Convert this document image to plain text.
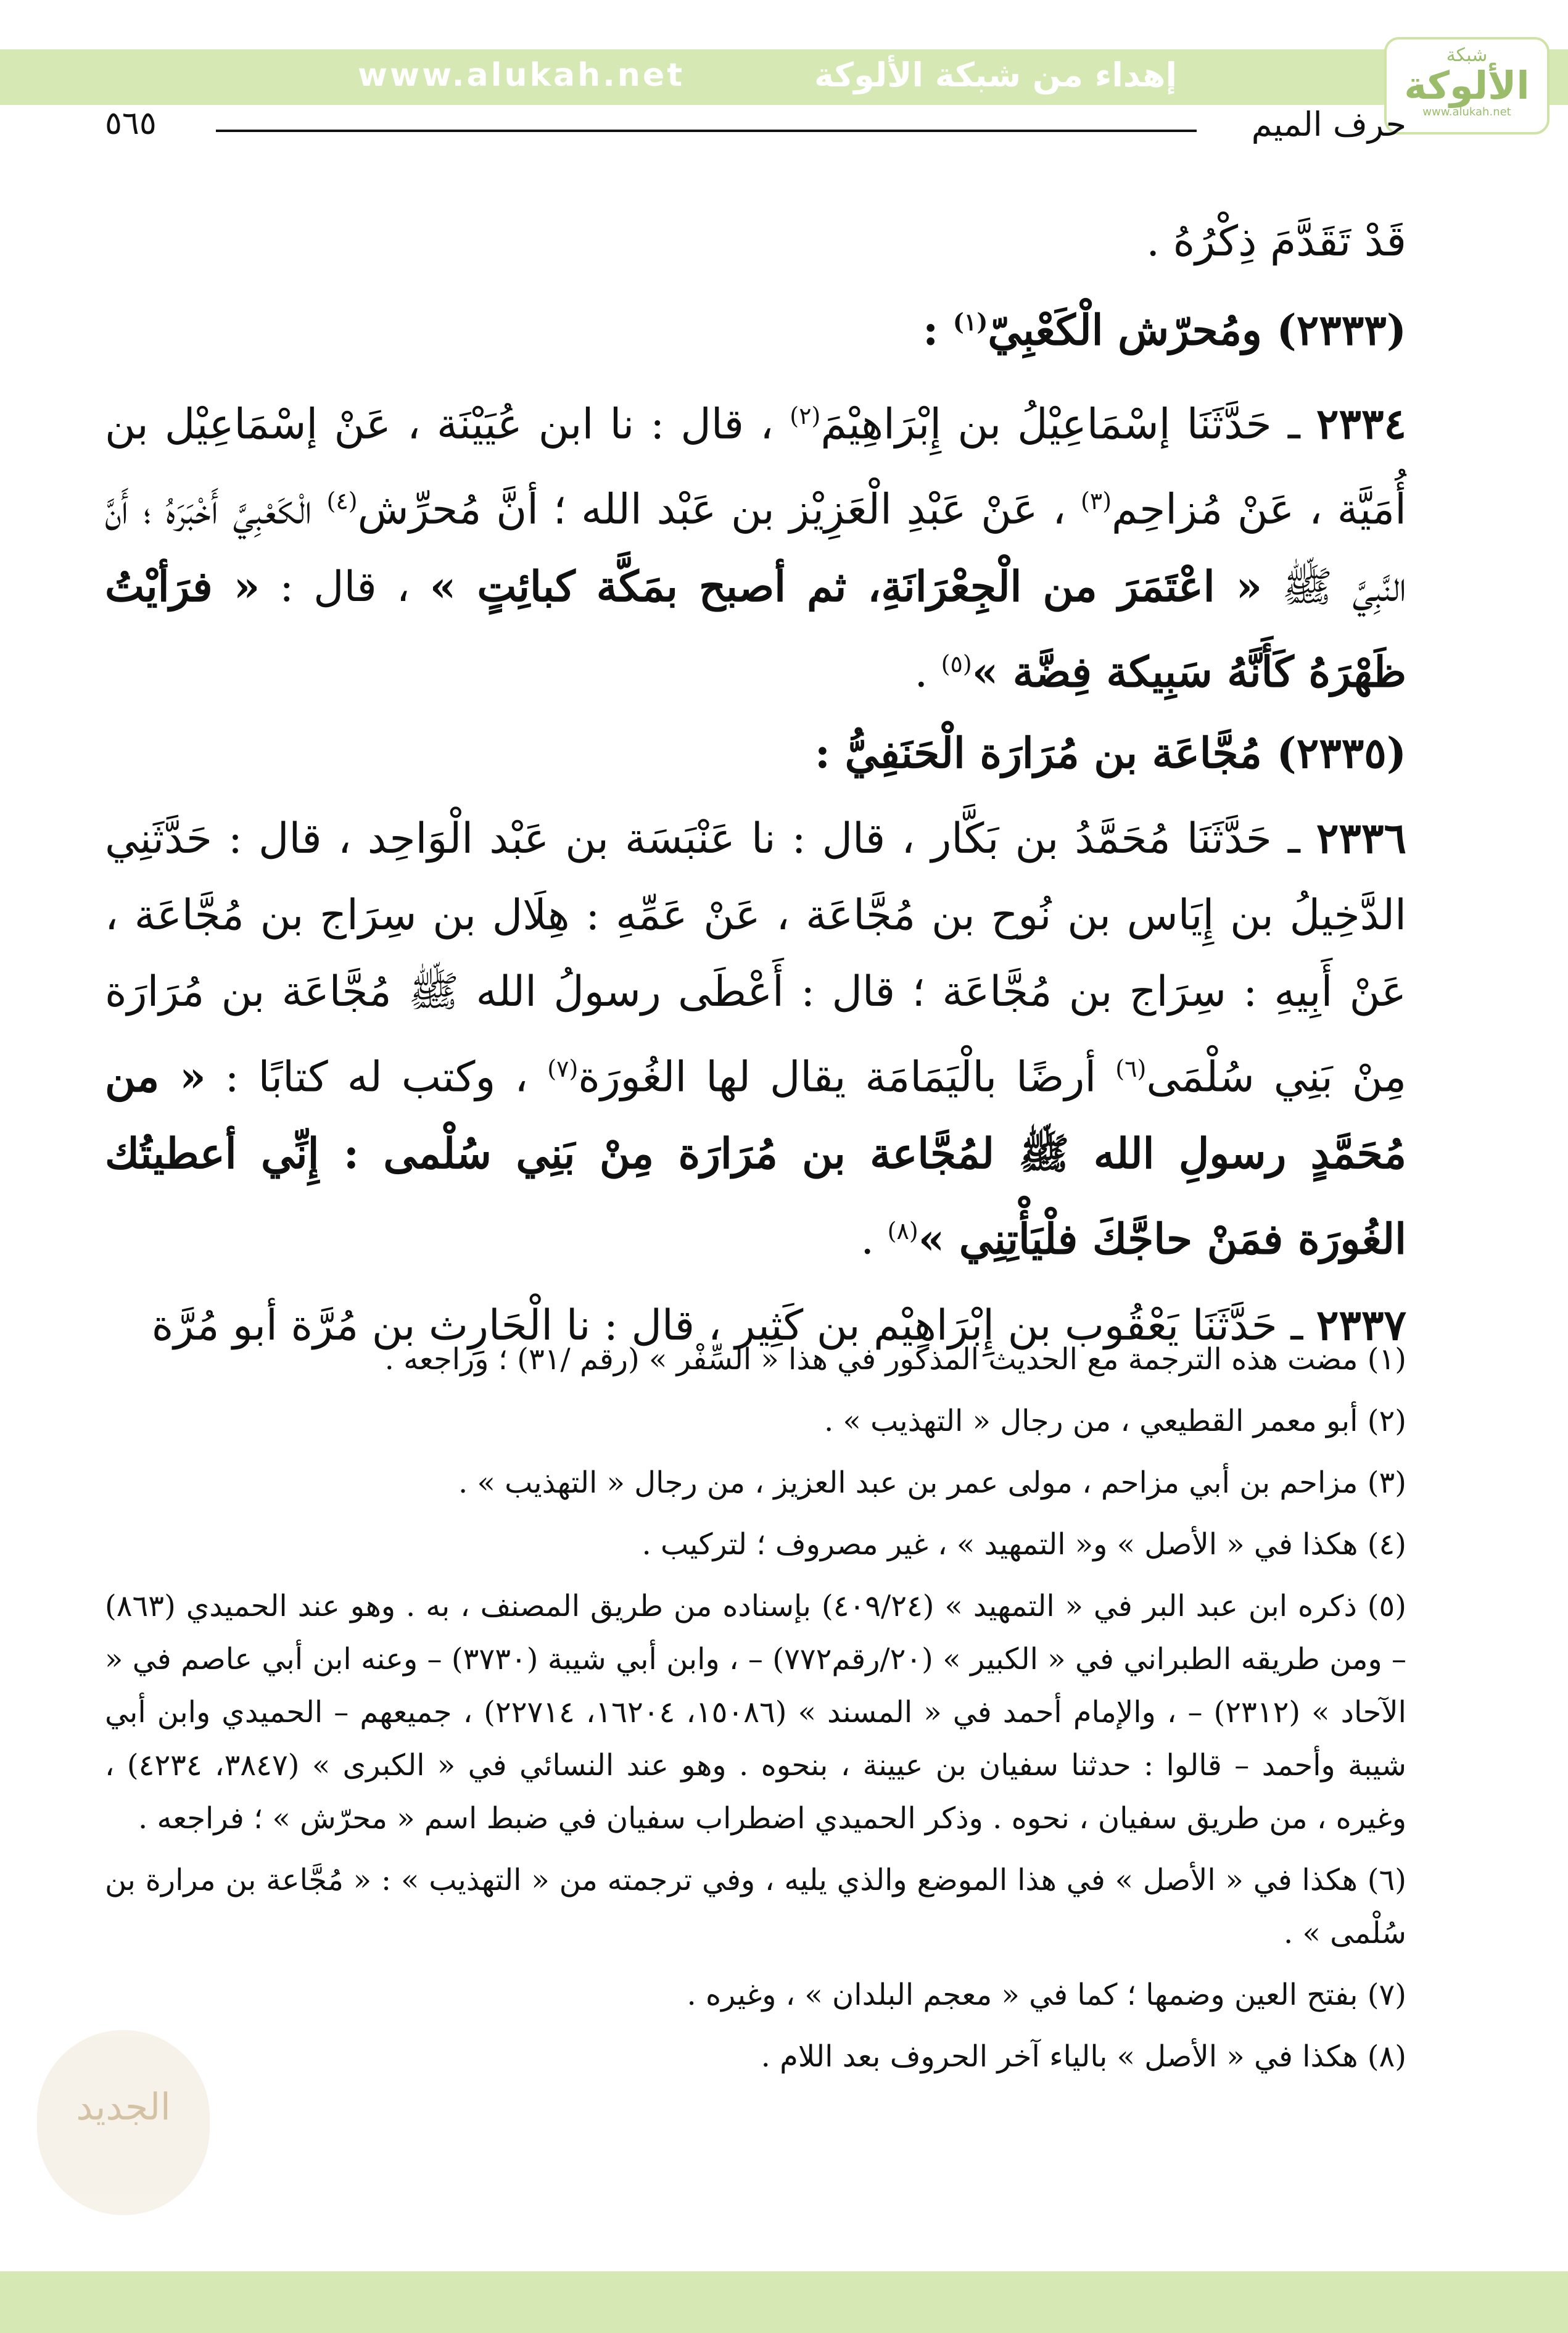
www.alukah.net	إهداء من شبكة الألوكة
شبكة
الألوكة
www.alukah.net
٥٦٥	حرف الميم

قَدْ تَقَدَّمَ ذِكْرُهُ .

(٢٣٣٣) ومُحرّش الْكَعْبِيّ$^{(١)}$ :

٢٣٣٤ ـ حَدَّثَنَا إسْمَاعِيْلُ بن إِبْرَاهِيْمَ$^{(٢)}$ ، قال : نا ابن عُيَيْنَة ، عَنْ إسْمَاعِيْل بن أُمَيَّة ، عَنْ مُزاحِم$^{(٣)}$ ، عَنْ عَبْدِ الْعَزِيْز بن عَبْد الله ؛ أنَّ مُحرِّش$^{(٤)}$ الْكَعْبِيَّ أَخْبَرَهُ ؛ أَنَّ النَّبِيَّ ﷺ « اعْتَمَرَ من الْجِعْرَانَةِ، ثم أصبح بمَكَّة كبائِتٍ » ، قال : « فرَأيْتُ ظَهْرَهُ كَأَنَّهُ سَبِيكة فِضَّة »$^{(٥)}$ .

(٢٣٣٥) مُجَّاعَة بن مُرَارَة الْحَنَفِيُّ :

٢٣٣٦ ـ حَدَّثَنَا مُحَمَّدُ بن بَكَّار ، قال : نا عَنْبَسَة بن عَبْد الْوَاحِد ، قال : حَدَّثَنِي الدَّخِيلُ بن إِيَاس بن نُوح بن مُجَّاعَة ، عَنْ عَمِّهِ : هِلَال بن سِرَاج بن مُجَّاعَة ، عَنْ أَبِيهِ : سِرَاج بن مُجَّاعَة ؛ قال : أَعْطَى رسولُ الله ﷺ مُجَّاعَة بن مُرَارَة مِنْ بَنِي سُلْمَى$^{(٦)}$ أرضًا بالْيَمَامَة يقال لها الغُورَة$^{(٧)}$ ، وكتب له كتابًا : « من مُحَمَّدٍ رسولِ الله ﷺ لمُجَّاعة بن مُرَارَة مِنْ بَنِي سُلْمى : إِنِّي أعطيتُك الغُورَة فمَنْ حاجَّكَ فلْيَأْتِنِي »$^{(٨)}$ .

٢٣٣٧ ـ حَدَّثَنَا يَعْقُوب بن إِبْرَاهِيْم بن كَثِير ، قال : نا الْحَارِث بن مُرَّة أبو مُرَّة

(١) مضت هذه الترجمة مع الحديث المذكور في هذا « السِّفْر » (رقم /٣١) ؛ وراجعه .

(٢) أبو معمر القطيعي ، من رجال « التهذيب » .

(٣) مزاحم بن أبي مزاحم ، مولى عمر بن عبد العزيز ، من رجال « التهذيب » .

(٤) هكذا في « الأصل » و« التمهيد » ، غير مصروف ؛ لتركيب .

(٥) ذكره ابن عبد البر في « التمهيد » (٤٠٩/٢٤) بإسناده من طريق المصنف ، به . وهو عند الحميدي (٨٦٣) – ومن طريقه الطبراني في « الكبير » (٢٠/رقم٧٧٢) – ، وابن أبي شيبة (٣٧٣٠) – وعنه ابن أبي عاصم في « الآحاد » (٢٣١٢) – ، والإمام أحمد في « المسند » (١٥٠٨٦، ١٦٢٠٤، ٢٢٧١٤) ، جميعهم – الحميدي وابن أبي شيبة وأحمد – قالوا : حدثنا سفيان بن عيينة ، بنحوه . وهو عند النسائي في « الكبرى » (٣٨٤٧، ٤٢٣٤) ، وغيره ، من طريق سفيان ، نحوه . وذكر الحميدي اضطراب سفيان في ضبط اسم « محرّش » ؛ فراجعه .

(٦) هكذا في « الأصل » في هذا الموضع والذي يليه ، وفي ترجمته من « التهذيب » : « مُجَّاعة بن مرارة بن سُلْمى » .

(٧) بفتح العين وضمها ؛ كما في « معجم البلدان » ، وغيره .

(٨) هكذا في « الأصل » بالياء آخر الحروف بعد اللام .

الجديد
